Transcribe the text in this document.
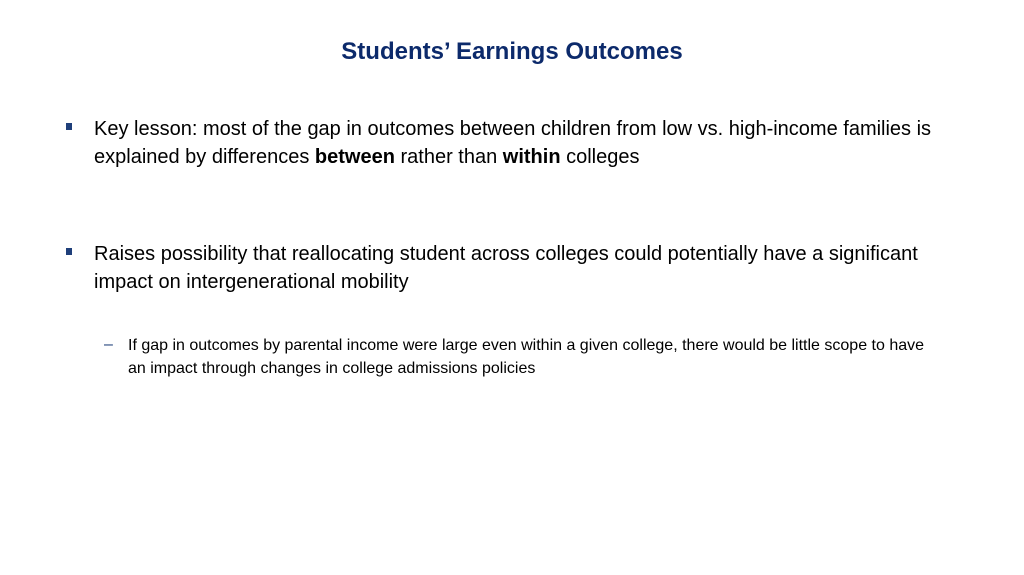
Students’ Earnings Outcomes
Key lesson: most of the gap in outcomes between children from low vs. high-income families is explained by differences between rather than within colleges
Raises possibility that reallocating student across colleges could potentially have a significant impact on intergenerational mobility
– If gap in outcomes by parental income were large even within a given college, there would be little scope to have an impact through changes in college admissions policies
